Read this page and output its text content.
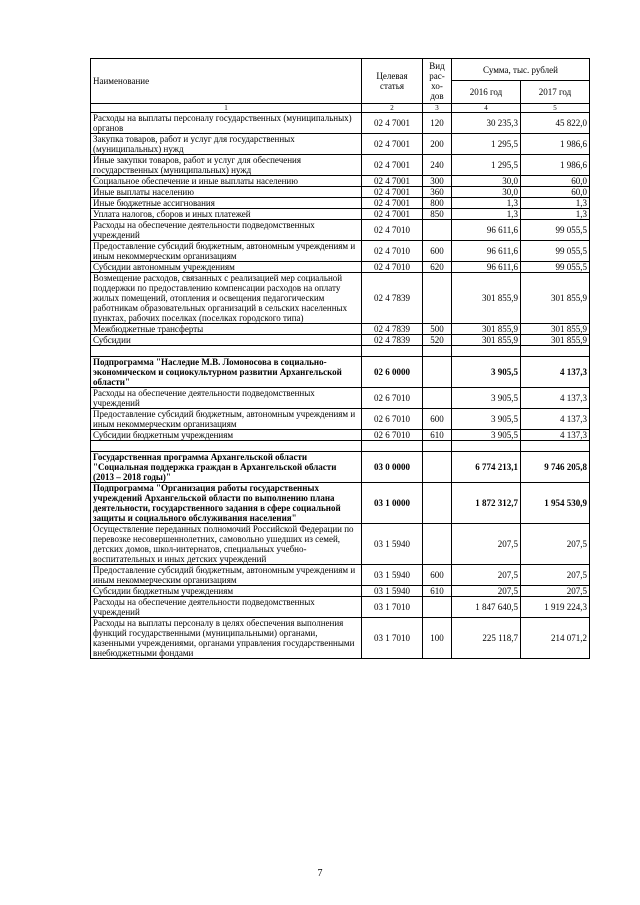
Наименование	Целевая статья	Вид рас-хо-дов	Сумма, тыс. рублей	
			2016 год	2017 год
1	2	3	4	5
Расходы на выплаты персоналу государственных (муниципальных) органов	02 4 7001	120	30 235,3	45 822,0
Закупка товаров, работ и услуг для государственных (муниципальных) нужд	02 4 7001	200	1 295,5	1 986,6
Иные закупки товаров, работ и услуг для обеспечения государственных (муниципальных) нужд	02 4 7001	240	1 295,5	1 986,6
Социальное обеспечение и иные выплаты населению	02 4 7001	300	30,0	60,0
Иные выплаты населению	02 4 7001	360	30,0	60,0
Иные бюджетные ассигнования	02 4 7001	800	1,3	1,3
Уплата налогов, сборов и иных платежей	02 4 7001	850	1,3	1,3
Расходы на обеспечение деятельности подведомственных учреждений	02 4 7010		96 611,6	99 055,5
Предоставление субсидий бюджетным, автономным учреждениям и иным некоммерческим организациям	02 4 7010	600	96 611,6	99 055,5
Субсидии автономным учреждениям	02 4 7010	620	96 611,6	99 055,5
Возмещение расходов, связанных с реализацией мер социальной поддержки по предоставлению компенсации расходов на оплату жилых помещений, отопления и освещения педагогическим работникам образовательных организаций в сельских населенных пунктах, рабочих поселках (поселках городского типа)	02 4 7839		301 855,9	301 855,9
Межбюджетные трансферты	02 4 7839	500	301 855,9	301 855,9
Субсидии	02 4 7839	520	301 855,9	301 855,9

Подпрограмма "Наследие М.В. Ломоносова в социально-экономическом и социокультурном развитии Архангельской области"	02 6 0000		3 905,5	4 137,3
Расходы на обеспечение деятельности подведомственных учреждений	02 6 7010		3 905,5	4 137,3
Предоставление субсидий бюджетным, автономным учреждениям и иным некоммерческим организациям	02 6 7010	600	3 905,5	4 137,3
Субсидии бюджетным учреждениям	02 6 7010	610	3 905,5	4 137,3

Государственная программа Архангельской области "Социальная поддержка граждан в Архангельской области (2013 – 2018 годы)"	03 0 0000		6 774 213,1	9 746 205,8
Подпрограмма "Организация работы государственных учреждений Архангельской области по выполнению плана деятельности, государственного задания в сфере социальной защиты и социального обслуживания населения"	03 1 0000		1 872 312,7	1 954 530,9
Осуществление переданных полномочий Российской Федерации по перевозке несовершеннолетних, самовольно ушедших из семей, детских домов, школ-интернатов, специальных учебно-воспитательных и иных детских учреждений	03 1 5940		207,5	207,5
Предоставление субсидий бюджетным, автономным учреждениям и иным некоммерческим организациям	03 1 5940	600	207,5	207,5
Субсидии бюджетным учреждениям	03 1 5940	610	207,5	207,5
Расходы на обеспечение деятельности подведомственных учреждений	03 1 7010		1 847 640,5	1 919 224,3
Расходы на выплаты персоналу в целях обеспечения выполнения функций государственными (муниципальными) органами, казенными учреждениями, органами управления государственными внебюджетными фондами	03 1 7010	100	225 118,7	214 071,2
7
